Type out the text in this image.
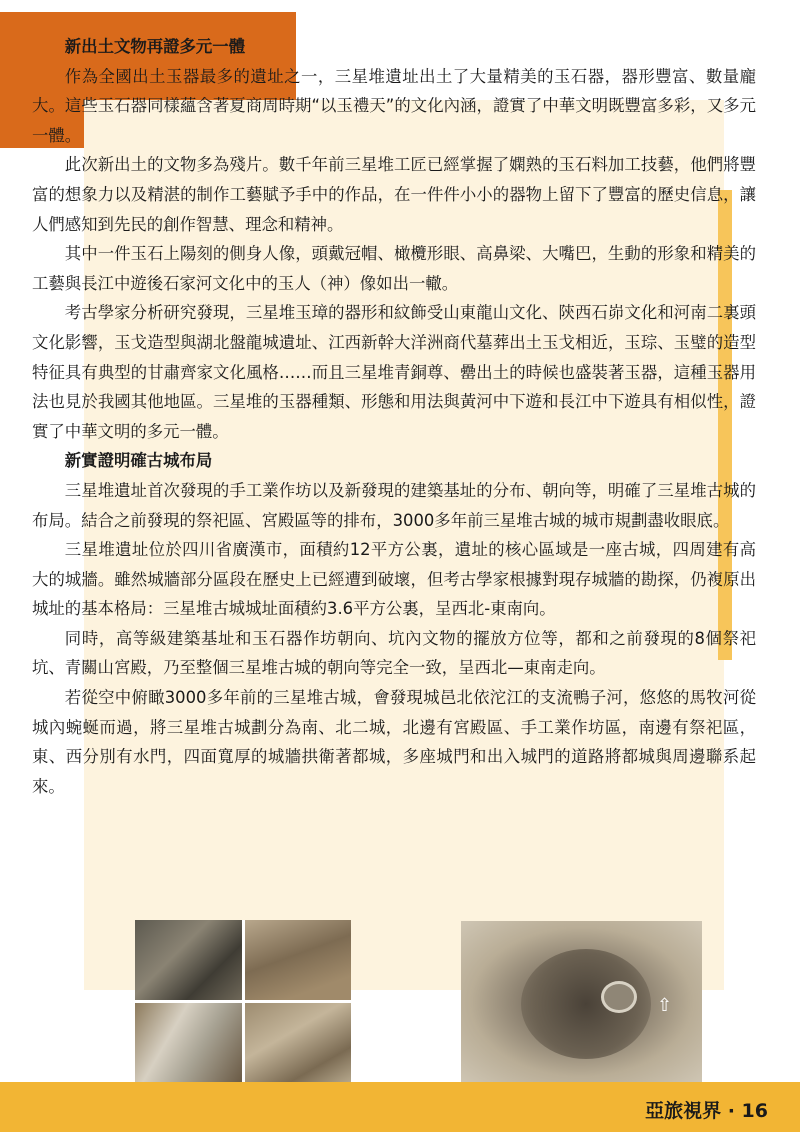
新出土文物再證多元一體

作為全國出土玉器最多的遺址之一，三星堆遺址出土了大量精美的玉石器，器形豐富、數量龐大。這些玉石器同樣蘊含著夏商周時期“以玉禮天”的文化內涵，證實了中華文明既豐富多彩，又多元一體。

此次新出土的文物多為殘片。數千年前三星堆工匠已經掌握了嫻熟的玉石料加工技藝，他們將豐富的想象力以及精湛的制作工藝賦予手中的作品，在一件件小小的器物上留下了豐富的歷史信息，讓人們感知到先民的創作智慧、理念和精神。

其中一件玉石上陽刻的側身人像，頭戴冠帽、橄欖形眼、高鼻梁、大嘴巴，生動的形象和精美的工藝與長江中遊後石家河文化中的玉人（神）像如出一轍。

考古學家分析研究發現，三星堆玉璋的器形和紋飾受山東龍山文化、陝西石峁文化和河南二裏頭文化影響，玉戈造型與湖北盤龍城遺址、江西新幹大洋洲商代墓葬出土玉戈相近，玉琮、玉璧的造型特征具有典型的甘肅齊家文化風格……而且三星堆青銅尊、罍出土的時候也盛裝著玉器，這種玉器用法也見於我國其他地區。三星堆的玉器種類、形態和用法與黃河中下遊和長江中下遊具有相似性，證實了中華文明的多元一體。

新實證明確古城布局

三星堆遺址首次發現的手工業作坊以及新發現的建築基址的分布、朝向等，明確了三星堆古城的布局。結合之前發現的祭祀區、宮殿區等的排布，3000多年前三星堆古城的城市規劃盡收眼底。

三星堆遺址位於四川省廣漢市，面積約12平方公裏，遺址的核心區域是一座古城，四周建有高大的城牆。雖然城牆部分區段在歷史上已經遭到破壞，但考古學家根據對現存城牆的勘探，仍複原出城址的基本格局：三星堆古城城址面積約3.6平方公裏，呈西北-東南向。

同時，高等級建築基址和玉石器作坊朝向、坑內文物的擺放方位等，都和之前發現的8個祭祀坑、青關山宮殿，乃至整個三星堆古城的朝向等完全一致，呈西北—東南走向。

若從空中俯瞰3000多年前的三星堆古城，會發現城邑北依沱江的支流鴨子河，悠悠的馬牧河從城內蜿蜒而過，將三星堆古城劃分為南、北二城，北邊有宮殿區、手工業作坊區，南邊有祭祀區，東、西分別有水門，四面寬厚的城牆拱衛著都城，多座城門和出入城門的道路將都城與周邊聯系起來。

⇧
亞旅視界 · 16
